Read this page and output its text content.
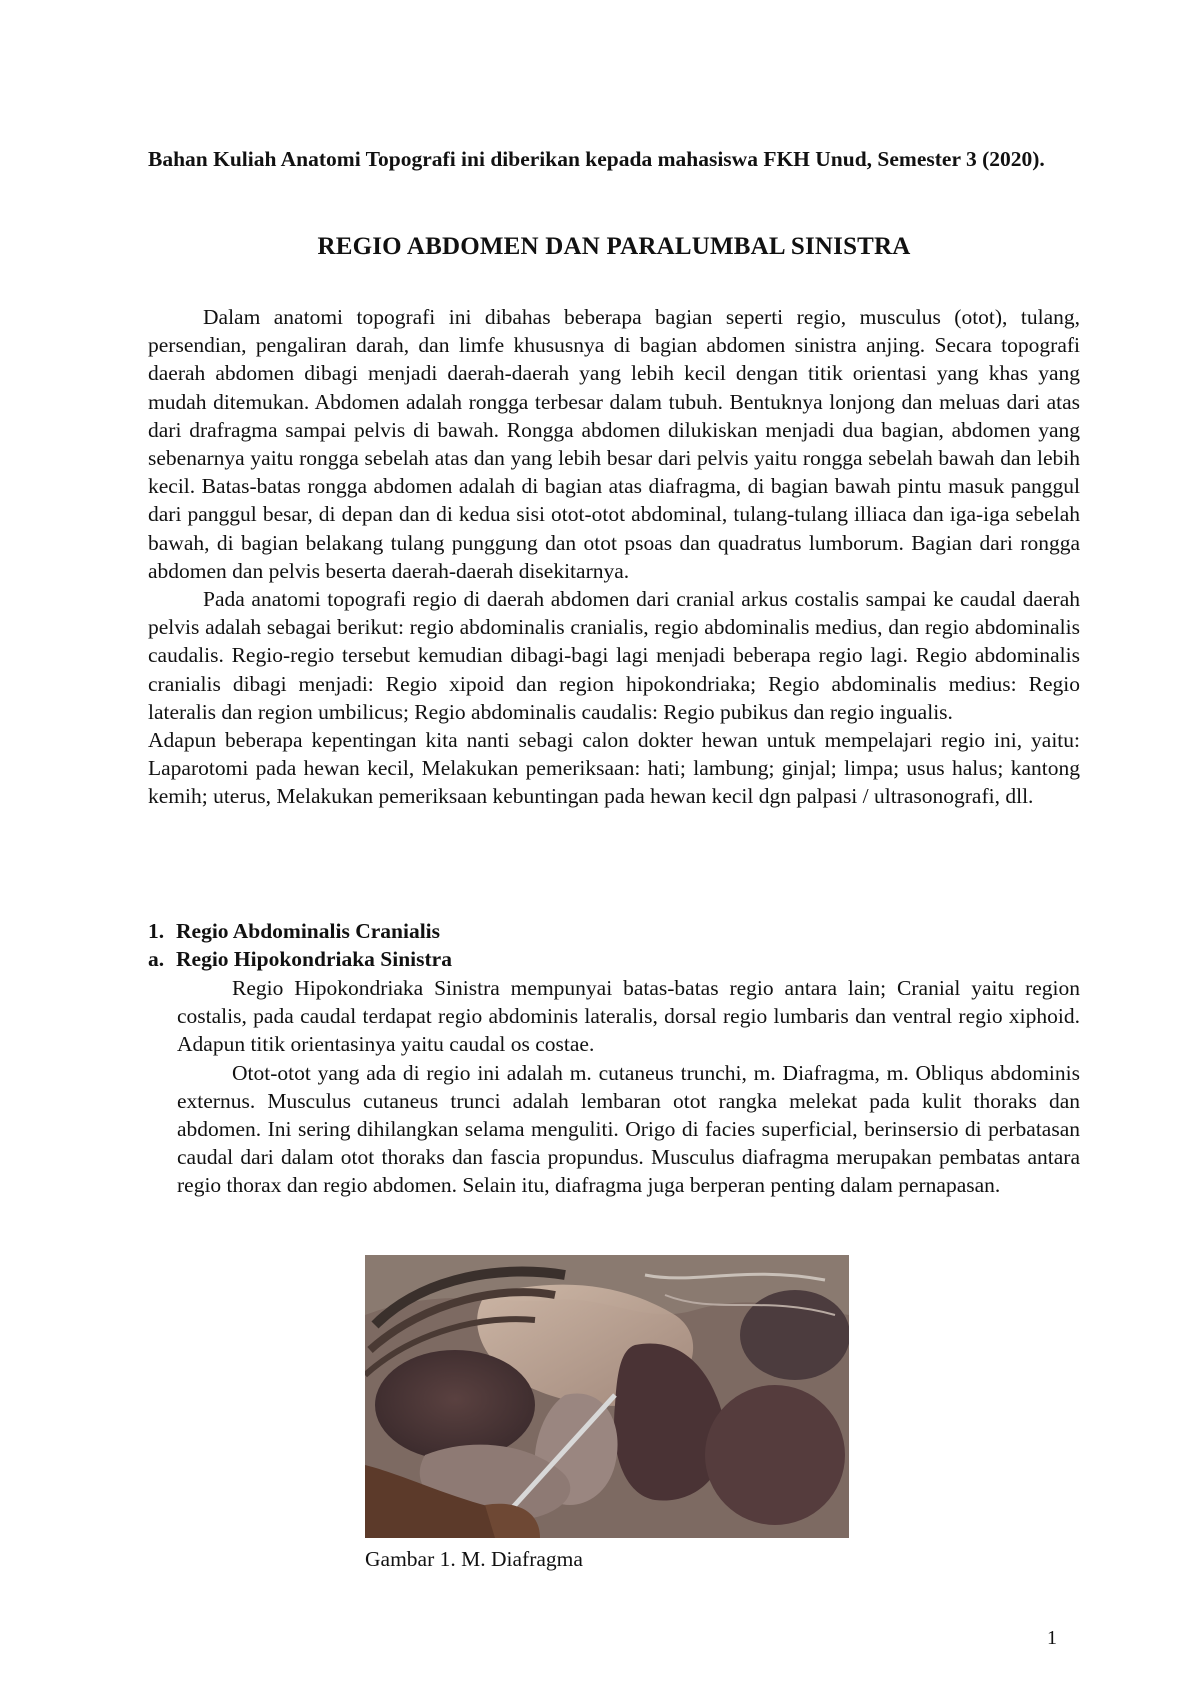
Bahan Kuliah Anatomi Topografi ini diberikan kepada mahasiswa FKH Unud, Semester 3 (2020).
REGIO ABDOMEN DAN PARALUMBAL SINISTRA

Dalam anatomi topografi ini dibahas beberapa bagian seperti regio, musculus (otot), tulang, persendian, pengaliran darah, dan limfe khususnya di bagian abdomen sinistra anjing. Secara topografi daerah abdomen dibagi menjadi daerah-daerah yang lebih kecil dengan titik orientasi yang khas yang mudah ditemukan. Abdomen adalah rongga terbesar dalam tubuh. Bentuknya lonjong dan meluas dari atas dari drafragma sampai pelvis di bawah. Rongga abdomen dilukiskan menjadi dua bagian, abdomen yang sebenarnya yaitu rongga sebelah atas dan yang lebih besar dari pelvis yaitu rongga sebelah bawah dan lebih kecil. Batas-batas rongga abdomen adalah di bagian atas diafragma, di bagian bawah pintu masuk panggul dari panggul besar, di depan dan di kedua sisi otot-otot abdominal, tulang-tulang illiaca dan iga-iga sebelah bawah, di bagian belakang tulang punggung dan otot psoas dan quadratus lumborum. Bagian dari rongga abdomen dan pelvis beserta daerah-daerah disekitarnya.

Pada anatomi topografi regio di daerah abdomen dari cranial arkus costalis sampai ke caudal daerah pelvis adalah sebagai berikut: regio abdominalis cranialis, regio abdominalis medius, dan regio abdominalis caudalis. Regio-regio tersebut kemudian dibagi-bagi lagi menjadi beberapa regio lagi. Regio abdominalis cranialis dibagi menjadi: Regio xipoid dan region hipokondriaka; Regio abdominalis medius: Regio lateralis dan region umbilicus; Regio abdominalis caudalis: Regio pubikus dan regio ingualis.

Adapun beberapa kepentingan kita nanti sebagi calon dokter hewan untuk mempelajari regio ini, yaitu: Laparotomi pada hewan kecil, Melakukan pemeriksaan: hati; lambung; ginjal; limpa; usus halus; kantong kemih; uterus, Melakukan pemeriksaan kebuntingan pada hewan kecil dgn palpasi / ultrasonografi, dll.

1. Regio Abdominalis Cranialis
a. Regio Hipokondriaka Sinistra

Regio Hipokondriaka Sinistra mempunyai batas-batas regio antara lain; Cranial yaitu region costalis, pada caudal terdapat regio abdominis lateralis, dorsal regio lumbaris dan ventral regio xiphoid. Adapun titik orientasinya yaitu caudal os costae.

Otot-otot yang ada di regio ini adalah m. cutaneus trunchi, m. Diafragma, m. Obliqus abdominis externus. Musculus cutaneus trunci adalah lembaran otot rangka melekat pada kulit thoraks dan abdomen. Ini sering dihilangkan selama menguliti. Origo di facies superficial, berinsersio di perbatasan caudal dari dalam otot thoraks dan fascia propundus. Musculus diafragma merupakan pembatas antara regio thorax dan regio abdomen. Selain itu, diafragma juga berperan penting dalam pernapasan.

Gambar 1. M. Diafragma
1
